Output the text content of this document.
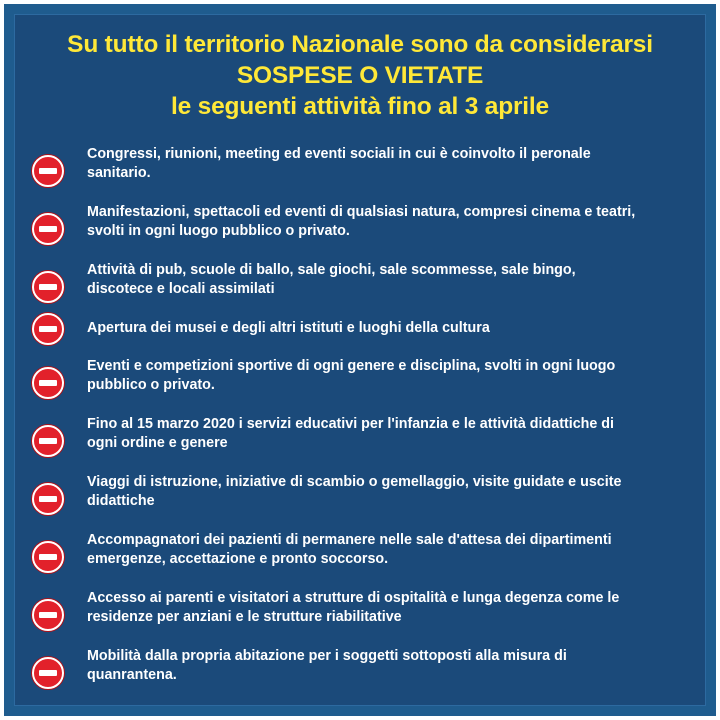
Su tutto il territorio Nazionale sono da considerarsi
SOSPESE O VIETATE
le seguenti attività fino al 3 aprile
Congressi, riunioni, meeting ed eventi sociali in cui è coinvolto il peronale
sanitario.
Manifestazioni, spettacoli ed eventi di qualsiasi natura, compresi cinema e teatri,
svolti in ogni luogo pubblico o privato.
Attività di pub, scuole di ballo, sale giochi, sale scommesse, sale bingo,
discotece e locali assimilati
Apertura dei musei e degli altri istituti e luoghi della cultura
Eventi e competizioni sportive di ogni genere e disciplina, svolti in ogni luogo
pubblico o privato.
Fino al 15 marzo 2020 i servizi educativi per l'infanzia e le attività didattiche di
ogni ordine e genere
Viaggi di istruzione, iniziative di scambio o gemellaggio, visite guidate e uscite
didattiche
Accompagnatori dei pazienti di permanere nelle sale d'attesa dei dipartimenti
emergenze, accettazione e pronto soccorso.
Accesso ai parenti e visitatori a strutture di ospitalità e lunga degenza come le
residenze per anziani e le strutture riabilitative
Mobilità dalla propria abitazione per i soggetti sottoposti alla misura di
quanrantena.
